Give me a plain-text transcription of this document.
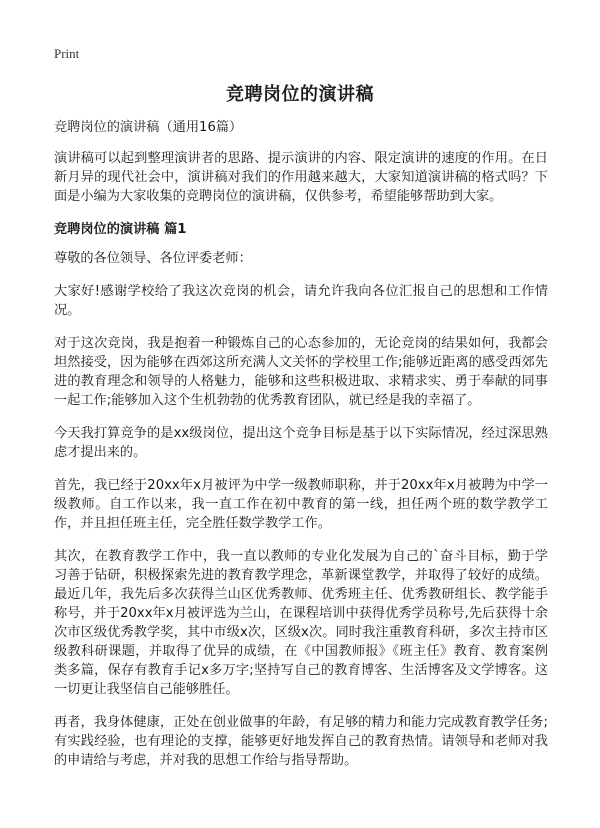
Print
竞聘岗位的演讲稿

竞聘岗位的演讲稿（通用16篇）

演讲稿可以起到整理演讲者的思路、提示演讲的内容、限定演讲的速度的作用。在日新月异的现代社会中，演讲稿对我们的作用越来越大，大家知道演讲稿的格式吗？下面是小编为大家收集的竞聘岗位的演讲稿，仅供参考，希望能够帮助到大家。

竞聘岗位的演讲稿 篇1

尊敬的各位领导、各位评委老师：

大家好!感谢学校给了我这次竞岗的机会，请允许我向各位汇报自己的思想和工作情况。

对于这次竞岗，我是抱着一种锻炼自己的心态参加的，无论竞岗的结果如何，我都会坦然接受，因为能够在西郊这所充满人文关怀的学校里工作;能够近距离的感受西郊先进的教育理念和领导的人格魅力，能够和这些积极进取、求精求实、勇于奉献的同事一起工作;能够加入这个生机勃勃的优秀教育团队，就已经是我的幸福了。

今天我打算竞争的是xx级岗位，提出这个竞争目标是基于以下实际情况，经过深思熟虑才提出来的。

首先，我已经于20xx年x月被评为中学一级教师职称，并于20xx年x月被聘为中学一级教师。自工作以来，我一直工作在初中教育的第一线，担任两个班的数学教学工作，并且担任班主任，完全胜任数学教学工作。

其次，在教育教学工作中，我一直以教师的专业化发展为自己的`奋斗目标，勤于学习善于钻研，积极探索先进的教育教学理念，革新课堂教学，并取得了较好的成绩。最近几年，我先后多次获得兰山区优秀教师、优秀班主任、优秀教研组长、教学能手称号，并于20xx年x月被评选为兰山，在课程培训中获得优秀学员称号,先后获得十余次市区级优秀教学奖，其中市级x次，区级x次。同时我注重教育科研，多次主持市区级教科研课题，并取得了优异的成绩，在《中国教师报》《班主任》教育、教育案例类多篇，保存有教育手记x多万字;坚持写自己的教育博客、生活博客及文学博客。这一切更让我坚信自己能够胜任。

再者，我身体健康，正处在创业做事的年龄，有足够的精力和能力完成教育教学任务;有实践经验，也有理论的支撑，能够更好地发挥自己的教育热情。请领导和老师对我的申请给与考虑，并对我的思想工作给与指导帮助。
